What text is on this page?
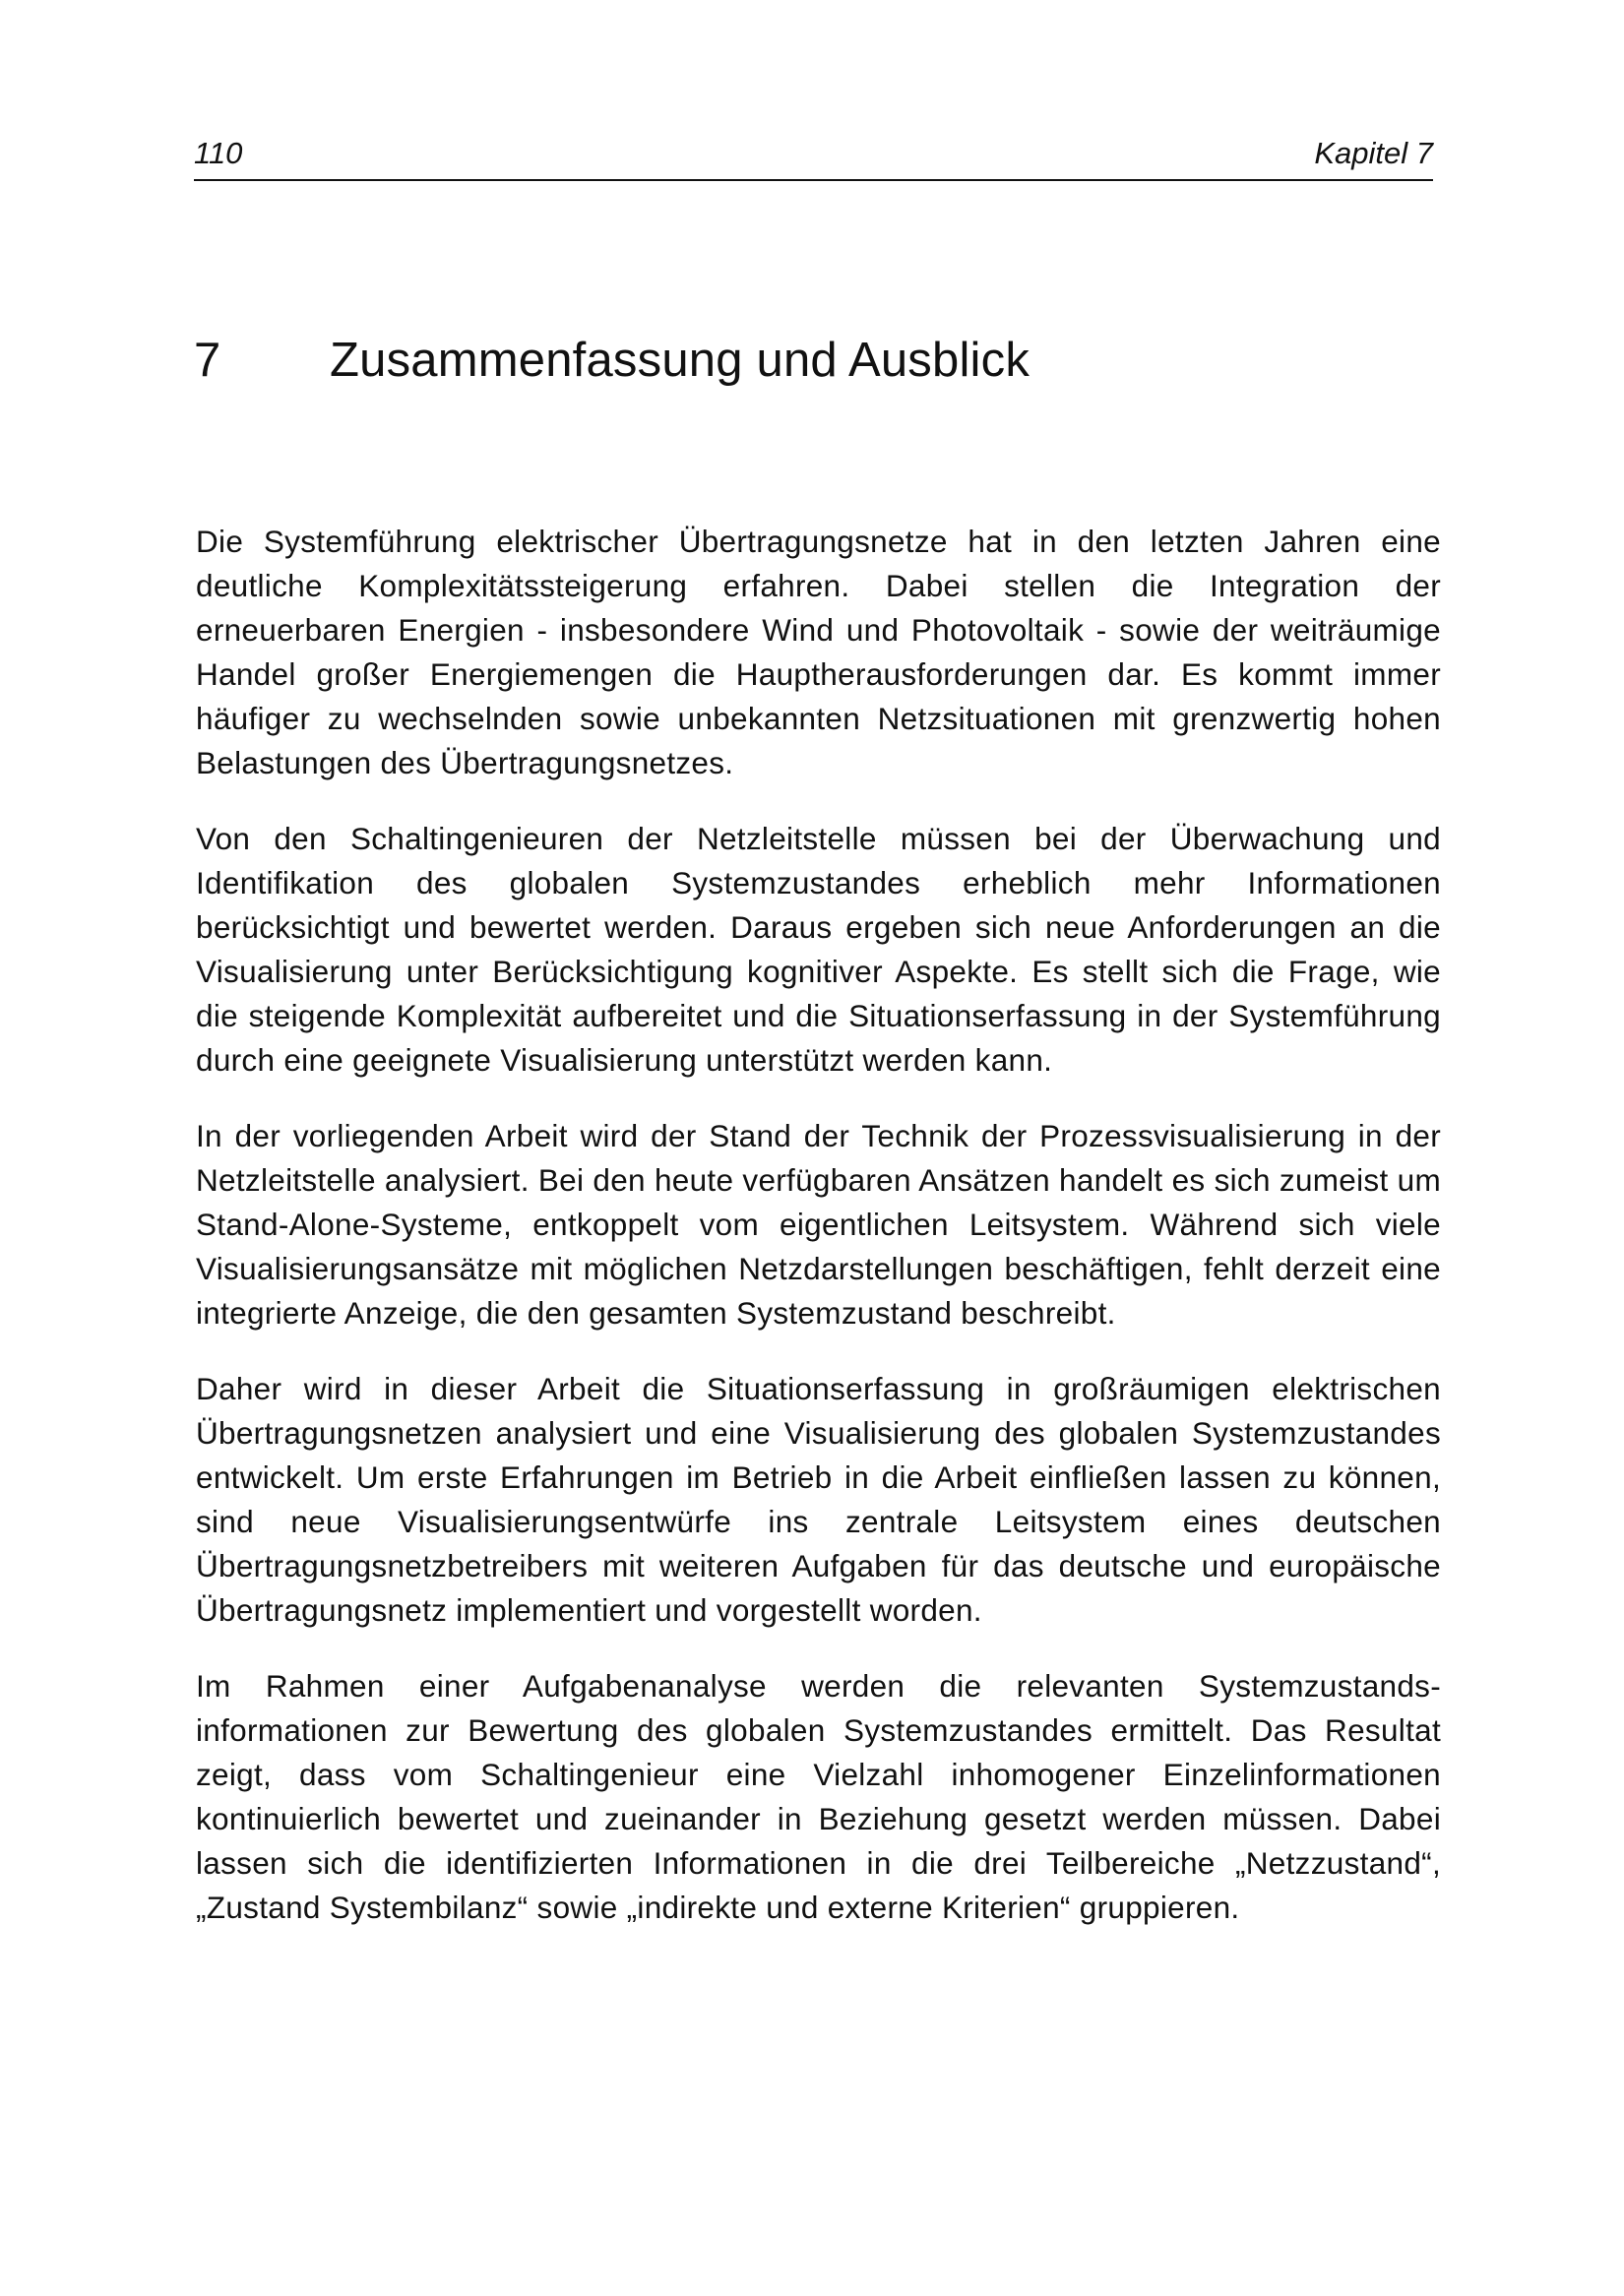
110	Kapitel 7
7 Zusammenfassung und Ausblick

Die Systemführung elektrischer Übertragungsnetze hat in den letzten Jahren eine deutliche Komplexitätssteigerung erfahren. Dabei stellen die Integration der erneuerbaren Energien - insbesondere Wind und Photovoltaik - sowie der weiträumige Handel großer Energiemengen die Hauptherausforderungen dar. Es kommt immer häufiger zu wechselnden sowie unbekannten Netzsituationen mit grenzwertig hohen Belastungen des Übertragungsnetzes.

Von den Schaltingenieuren der Netzleitstelle müssen bei der Überwachung und Identifikation des globalen Systemzustandes erheblich mehr Informationen berücksichtigt und bewertet werden. Daraus ergeben sich neue Anforderungen an die Visualisierung unter Berücksichtigung kognitiver Aspekte. Es stellt sich die Frage, wie die steigende Komplexität aufbereitet und die Situationserfassung in der Systemführung durch eine geeignete Visualisierung unterstützt werden kann.

In der vorliegenden Arbeit wird der Stand der Technik der Prozessvisualisierung in der Netzleitstelle analysiert. Bei den heute verfügbaren Ansätzen handelt es sich zumeist um Stand-Alone-Systeme, entkoppelt vom eigentlichen Leitsystem. Während sich viele Visualisierungsansätze mit möglichen Netzdarstellungen beschäftigen, fehlt derzeit eine integrierte Anzeige, die den gesamten Systemzustand beschreibt.

Daher wird in dieser Arbeit die Situationserfassung in großräumigen elektrischen Übertragungsnetzen analysiert und eine Visualisierung des globalen Systemzustandes entwickelt. Um erste Erfahrungen im Betrieb in die Arbeit einfließen lassen zu können, sind neue Visualisierungsentwürfe ins zentrale Leitsystem eines deutschen Übertragungsnetzbetreibers mit weiteren Aufgaben für das deutsche und europäische Übertragungsnetz implementiert und vorgestellt worden.

Im Rahmen einer Aufgabenanalyse werden die relevanten Systemzustands-informationen zur Bewertung des globalen Systemzustandes ermittelt. Das Resultat zeigt, dass vom Schaltingenieur eine Vielzahl inhomogener Einzelinformationen kontinuierlich bewertet und zueinander in Beziehung gesetzt werden müssen. Dabei lassen sich die identifizierten Informationen in die drei Teilbereiche „Netzzustand“, „Zustand Systembilanz“ sowie „indirekte und externe Kriterien“ gruppieren.
